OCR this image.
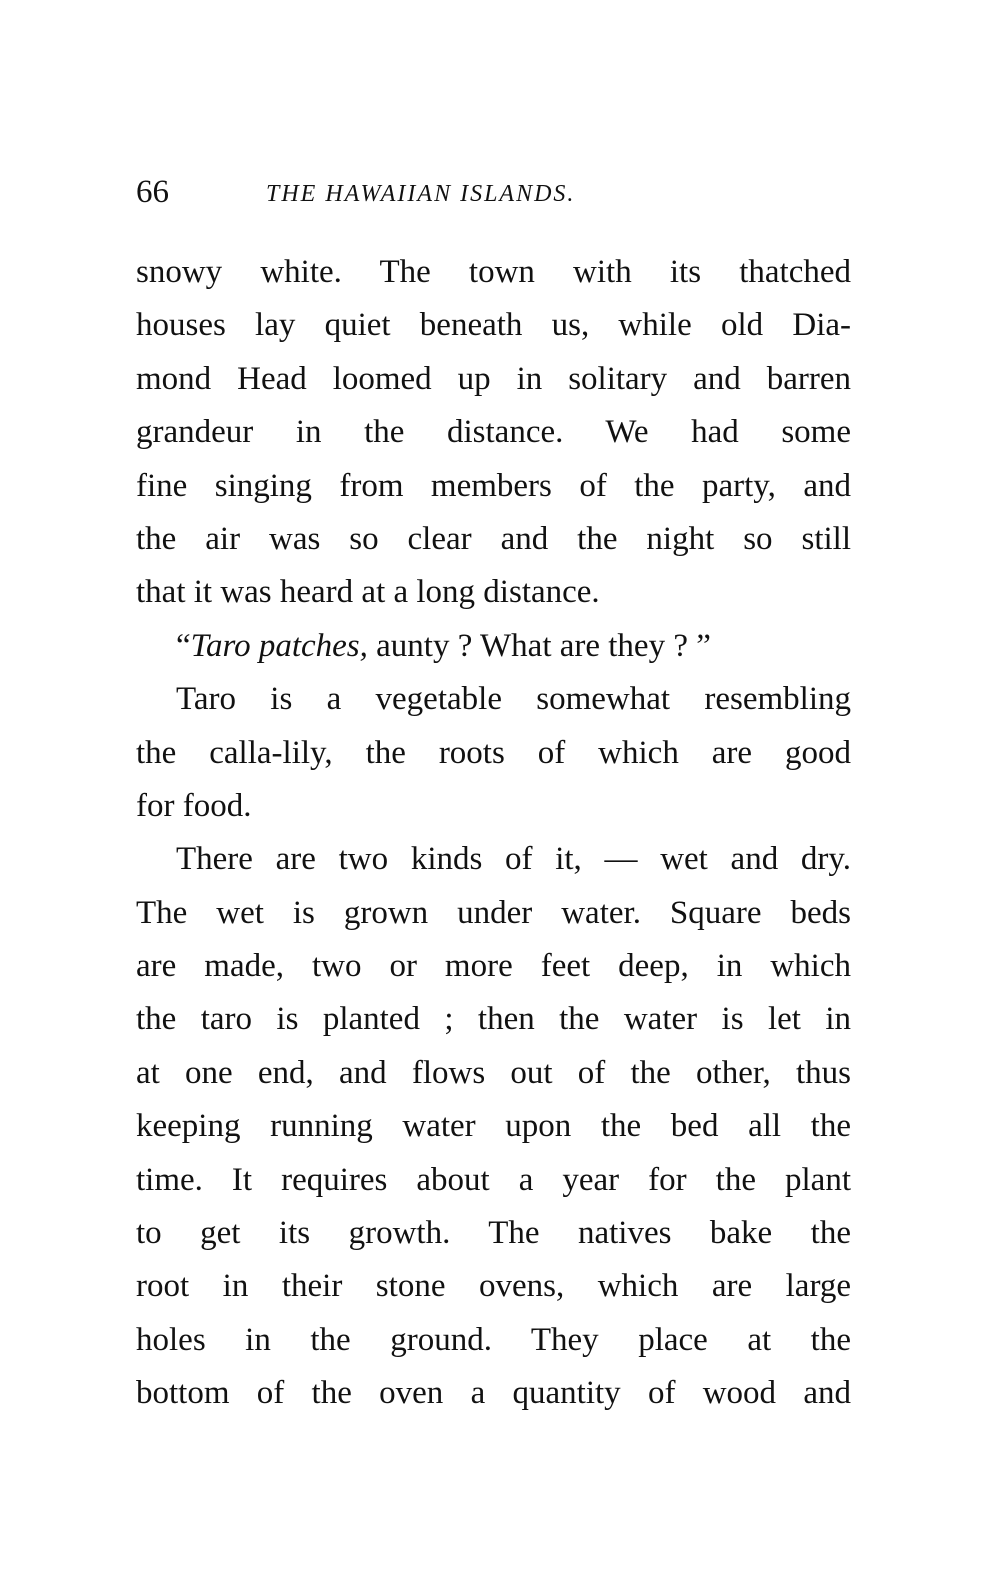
66	THE HAWAIIAN ISLANDS.
snowy white. The town with its thatched
houses lay quiet beneath us, while old Dia-
mond Head loomed up in solitary and barren
grandeur in the distance. We had some
fine singing from members of the party, and
the air was so clear and the night so still
that it was heard at a long distance.
“Taro patches, aunty ? What are they ? ”
Taro is a vegetable somewhat resembling
the calla-lily, the roots of which are good
for food.
There are two kinds of it, — wet and dry.
The wet is grown under water. Square beds
are made, two or more feet deep, in which
the taro is planted ; then the water is let in
at one end, and flows out of the other, thus
keeping running water upon the bed all the
time. It requires about a year for the plant
to get its growth. The natives bake the
root in their stone ovens, which are large
holes in the ground. They place at the
bottom of the oven a quantity of wood and
